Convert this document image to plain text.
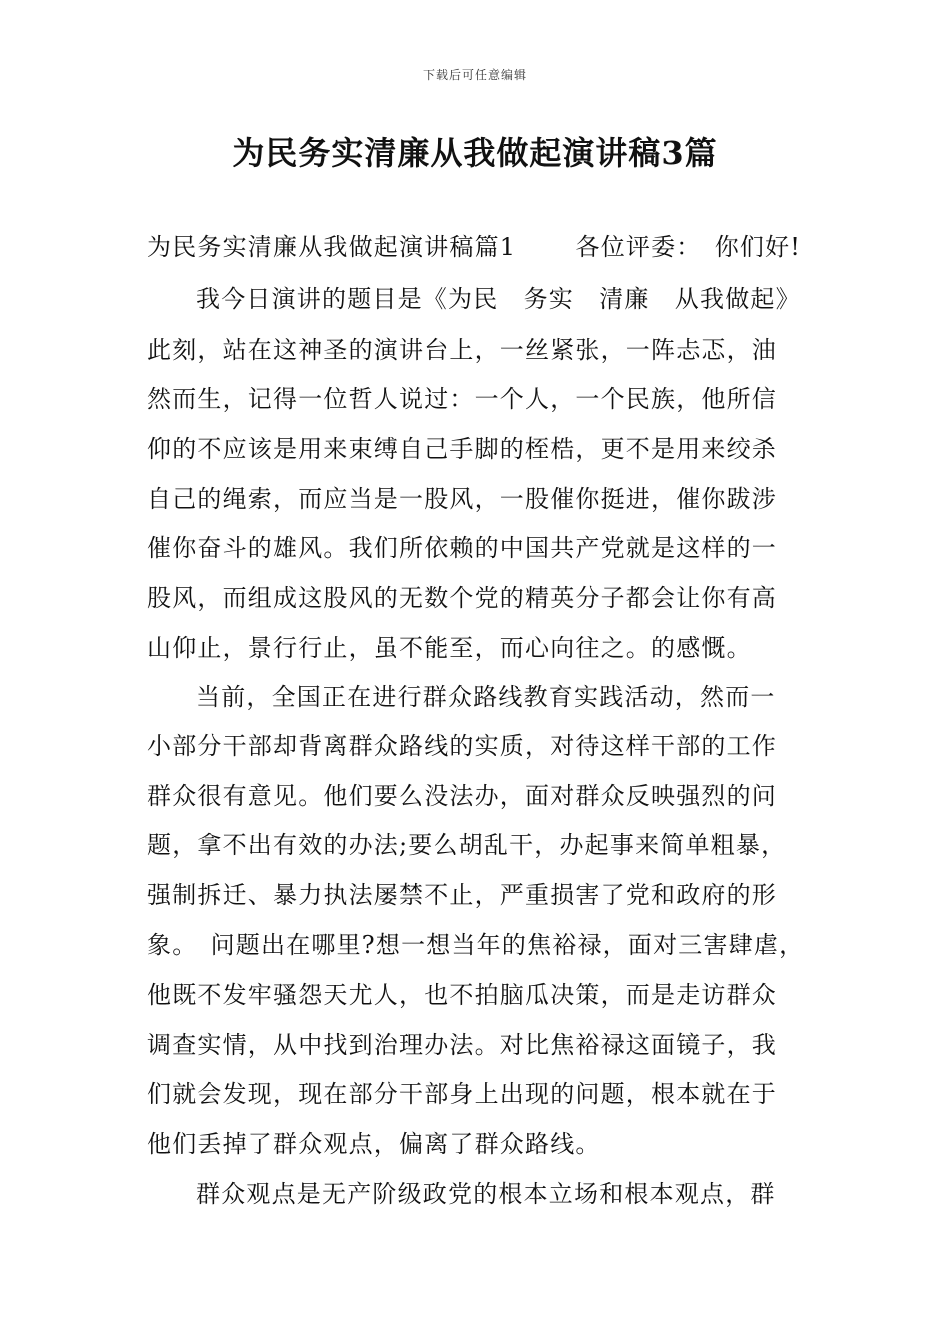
下载后可任意编辑
为民务实清廉从我做起演讲稿3篇
为民务实清廉从我做起演讲稿篇1　　 各位评委：　你们好!
我今日演讲的题目是《为民　务实　清廉　从我做起》
此刻，站在这神圣的演讲台上，一丝紧张，一阵忐忑，油
然而生，记得一位哲人说过：一个人，一个民族，他所信
仰的不应该是用来束缚自己手脚的桎梏，更不是用来绞杀
自己的绳索，而应当是一股风，一股催你挺进，催你跋涉
催你奋斗的雄风。我们所依赖的中国共产党就是这样的一
股风，而组成这股风的无数个党的精英分子都会让你有高
山仰止，景行行止，虽不能至，而心向往之。的感慨。
当前，全国正在进行群众路线教育实践活动，然而一
小部分干部却背离群众路线的实质，对待这样干部的工作
群众很有意见。他们要么没法办，面对群众反映强烈的问
题，拿不出有效的办法;要么胡乱干，办起事来简单粗暴，
强制拆迁、暴力执法屡禁不止，严重损害了党和政府的形
象。　问题出在哪里?想一想当年的焦裕禄，面对三害肆虐，
他既不发牢骚怨天尤人，也不拍脑瓜决策，而是走访群众
调查实情，从中找到治理办法。对比焦裕禄这面镜子，我
们就会发现，现在部分干部身上出现的问题，根本就在于
他们丢掉了群众观点，偏离了群众路线。
群众观点是无产阶级政党的根本立场和根本观点，群
